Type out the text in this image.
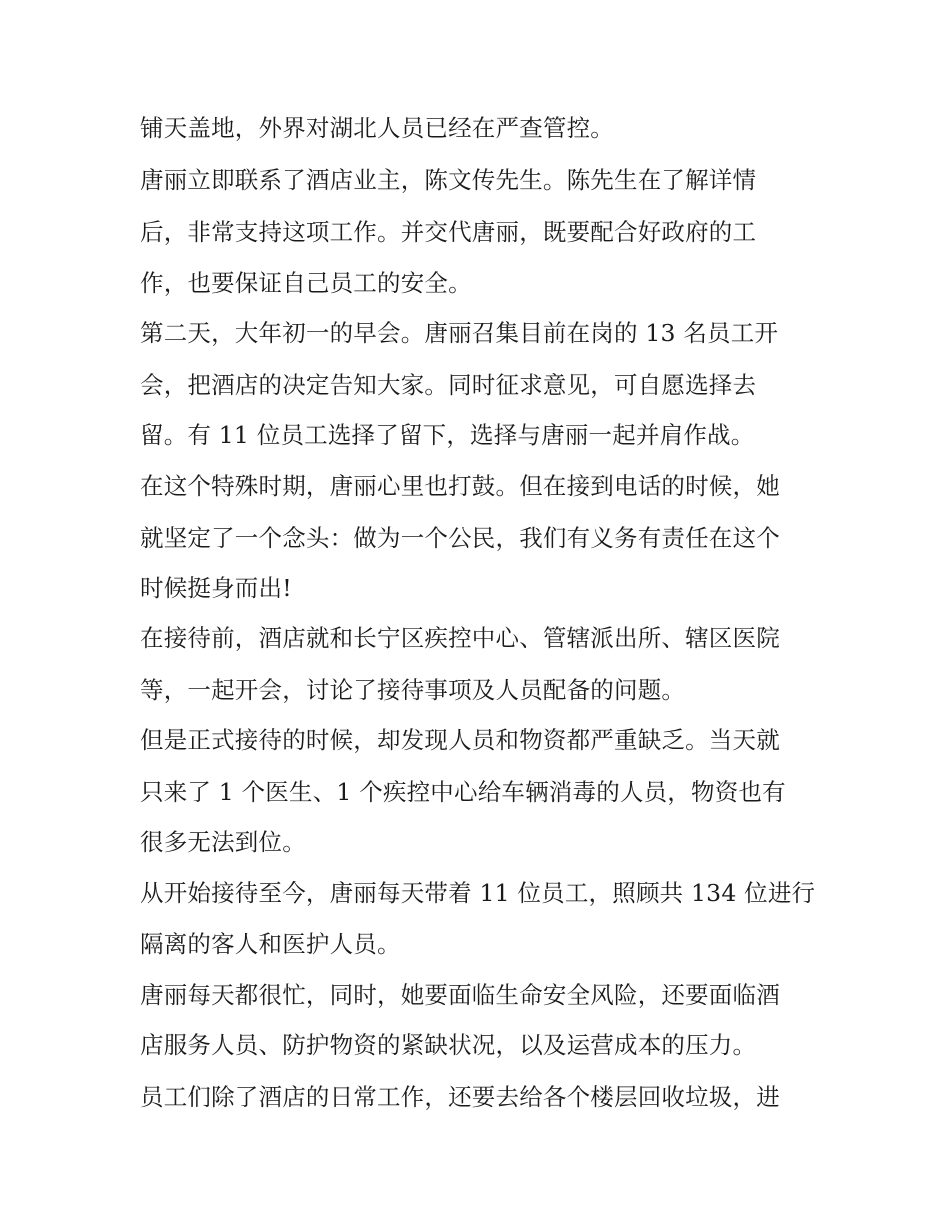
铺天盖地，外界对湖北人员已经在严查管控。
唐丽立即联系了酒店业主，陈文传先生。陈先生在了解详情
后，非常支持这项工作。并交代唐丽，既要配合好政府的工
作，也要保证自己员工的安全。
第二天，大年初一的早会。唐丽召集目前在岗的 13 名员工开
会，把酒店的决定告知大家。同时征求意见，可自愿选择去
留。有 11 位员工选择了留下，选择与唐丽一起并肩作战。
在这个特殊时期，唐丽心里也打鼓。但在接到电话的时候，她
就坚定了一个念头：做为一个公民，我们有义务有责任在这个
时候挺身而出!
在接待前，酒店就和长宁区疾控中心、管辖派出所、辖区医院
等，一起开会，讨论了接待事项及人员配备的问题。
但是正式接待的时候，却发现人员和物资都严重缺乏。当天就
只来了 1 个医生、1 个疾控中心给车辆消毒的人员，物资也有
很多无法到位。
从开始接待至今，唐丽每天带着 11 位员工，照顾共 134 位进行
隔离的客人和医护人员。
唐丽每天都很忙，同时，她要面临生命安全风险，还要面临酒
店服务人员、防护物资的紧缺状况，以及运营成本的压力。
员工们除了酒店的日常工作，还要去给各个楼层回收垃圾，进
